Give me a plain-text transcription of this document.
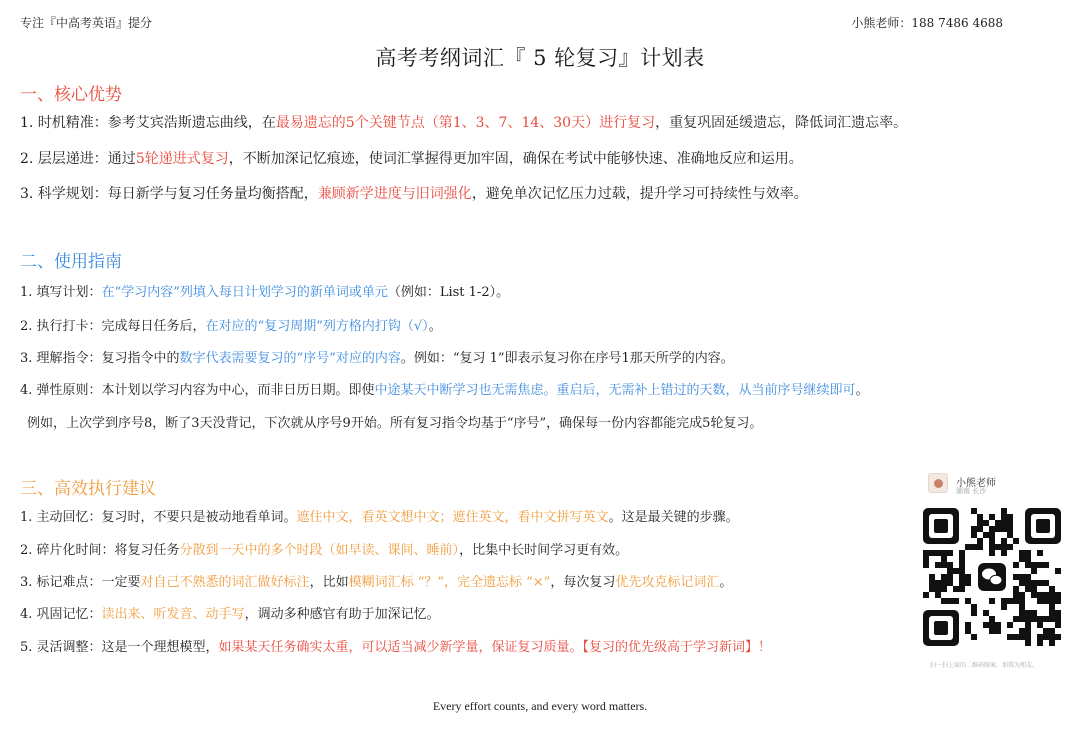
专注『中高考英语』提分	小熊老师：188 7486 4688
高考考纲词汇『 5 轮复习』计划表
一、核心优势
1. 时机精准：参考艾宾浩斯遗忘曲线，在最易遗忘的5个关键节点（第1、3、7、14、30天）进行复习，重复巩固延缓遗忘，降低词汇遗忘率。
2. 层层递进：通过5轮递进式复习，不断加深记忆痕迹，使词汇掌握得更加牢固，确保在考试中能够快速、准确地反应和运用。
3. 科学规划：每日新学与复习任务量均衡搭配，兼顾新学进度与旧词强化，避免单次记忆压力过载，提升学习可持续性与效率。
二、使用指南
1. 填写计划：在“学习内容”列填入每日计划学习的新单词或单元（例如：List 1-2）。
2. 执行打卡：完成每日任务后，在对应的“复习周期”列方格内打钩（√）。
3. 理解指令：复习指令中的数字代表需要复习的“序号”对应的内容。例如：“复习 1”即表示复习你在序号1那天所学的内容。
4. 弹性原则：本计划以学习内容为中心，而非日历日期。即使中途某天中断学习也无需焦虑。重启后，无需补上错过的天数，从当前序号继续即可。
例如，上次学到序号8，断了3天没背记，下次就从序号9开始。所有复习指令均基于“序号”，确保每一份内容都能完成5轮复习。
三、高效执行建议
1. 主动回忆：复习时，不要只是被动地看单词。遮住中文，看英文想中文；遮住英文，看中文拼写英文。这是最关键的步骤。
2. 碎片化时间：将复习任务分散到一天中的多个时段（如早读、课间、睡前），比集中长时间学习更有效。
3. 标记难点：一定要对自己不熟悉的词汇做好标注，比如模糊词汇标 “？”，完全遗忘标 “×”，每次复习优先攻克标记词汇。
4. 巩固记忆：读出来、听发音、动手写，调动多种感官有助于加深记忆。
5. 灵活调整：这是一个理想模型，如果某天任务确实太重，可以适当减少新学量，保证复习质量。【复习的优先级高于学习新词】！
小熊老师
湖南 长沙
扫一扫上面的二维码图案，加我为朋友。
Every effort counts, and every word matters.
